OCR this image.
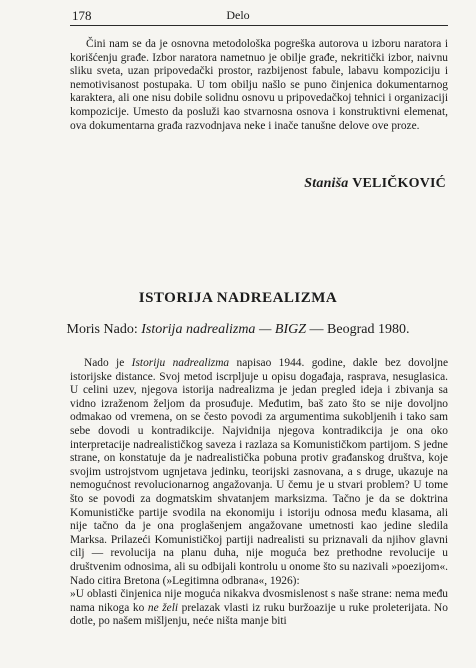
178	Delo

Čini nam se da je osnovna metodološka pogreška autorova u izboru naratora i korišćenju građe. Izbor naratora nametnuo je obilje građe, nekritički izbor, naivnu sliku sveta, uzan pripovedački prostor, razbijenost fabule, labavu kompoziciju i nemotivisanost postupaka. U tom obilju našlo se puno činjenica dokumentarnog karaktera, ali one nisu dobile solidnu osnovu u pripovedačkoj tehnici i organizaciji kompozicije. Umesto da posluži kao stvarnosna osnova i konstruktivni elemenat, ova dokumentarna građa razvodnjava neke i inače tanušne delove ove proze.

Staniša VELIČKOVIĆ
ISTORIJA NADREALIZMA
Moris Nado: Istorija nadrealizma — BIGZ — Beograd 1980.

Nado je Istoriju nadrealizma napisao 1944. godine, dakle bez dovoljne istorijske distance. Svoj metod iscrpljuje u opisu događaja, rasprava, nesuglasica. U celini uzev, njegova istorija nadrealizma je jedan pregled ideja i zbivanja sa vidno izraženom željom da prosuđuje. Međutim, baš zato što se nije dovoljno odmakao od vremena, on se često povodi za argumentima sukobljenih i tako sam sebe dovodi u kontradikcije. Najvidnija njegova kontradikcija je ona oko interpretacije nadrealističkog saveza i razlaza sa Komunističkom partijom. S jedne strane, on konstatuje da je nadrealistička pobuna protiv građanskog društva, koje svojim ustrojstvom ugnjetava jedinku, teorijski zasnovana, a s druge, ukazuje na nemogućnost revolucionarnog angažovanja. U čemu je u stvari problem? U tome što se povodi za dogmatskim shvatanjem marksizma. Tačno je da se doktrina Komunističke partije svodila na ekonomiju i istoriju odnosa među klasama, ali nije tačno da je ona proglašenjem angažovane umetnosti kao jedine sledila Marksa. Prilazeći Komunističkoj partiji nadrealisti su priznavali da njihov glavni cilj — revolucija na planu duha, nije moguća bez prethodne revolucije u društvenim odnosima, ali su odbijali kontrolu u onome što su nazivali »poezijom«. Nado citira Bretona (»Legitimna odbrana«, 1926):

»U oblasti činjenica nije moguća nikakva dvosmislenost s naše strane: nema među nama nikoga ko ne želi prelazak vlasti iz ruku buržoazije u ruke proleterijata. No dotle, po našem mišljenju, neće ništa manje biti
